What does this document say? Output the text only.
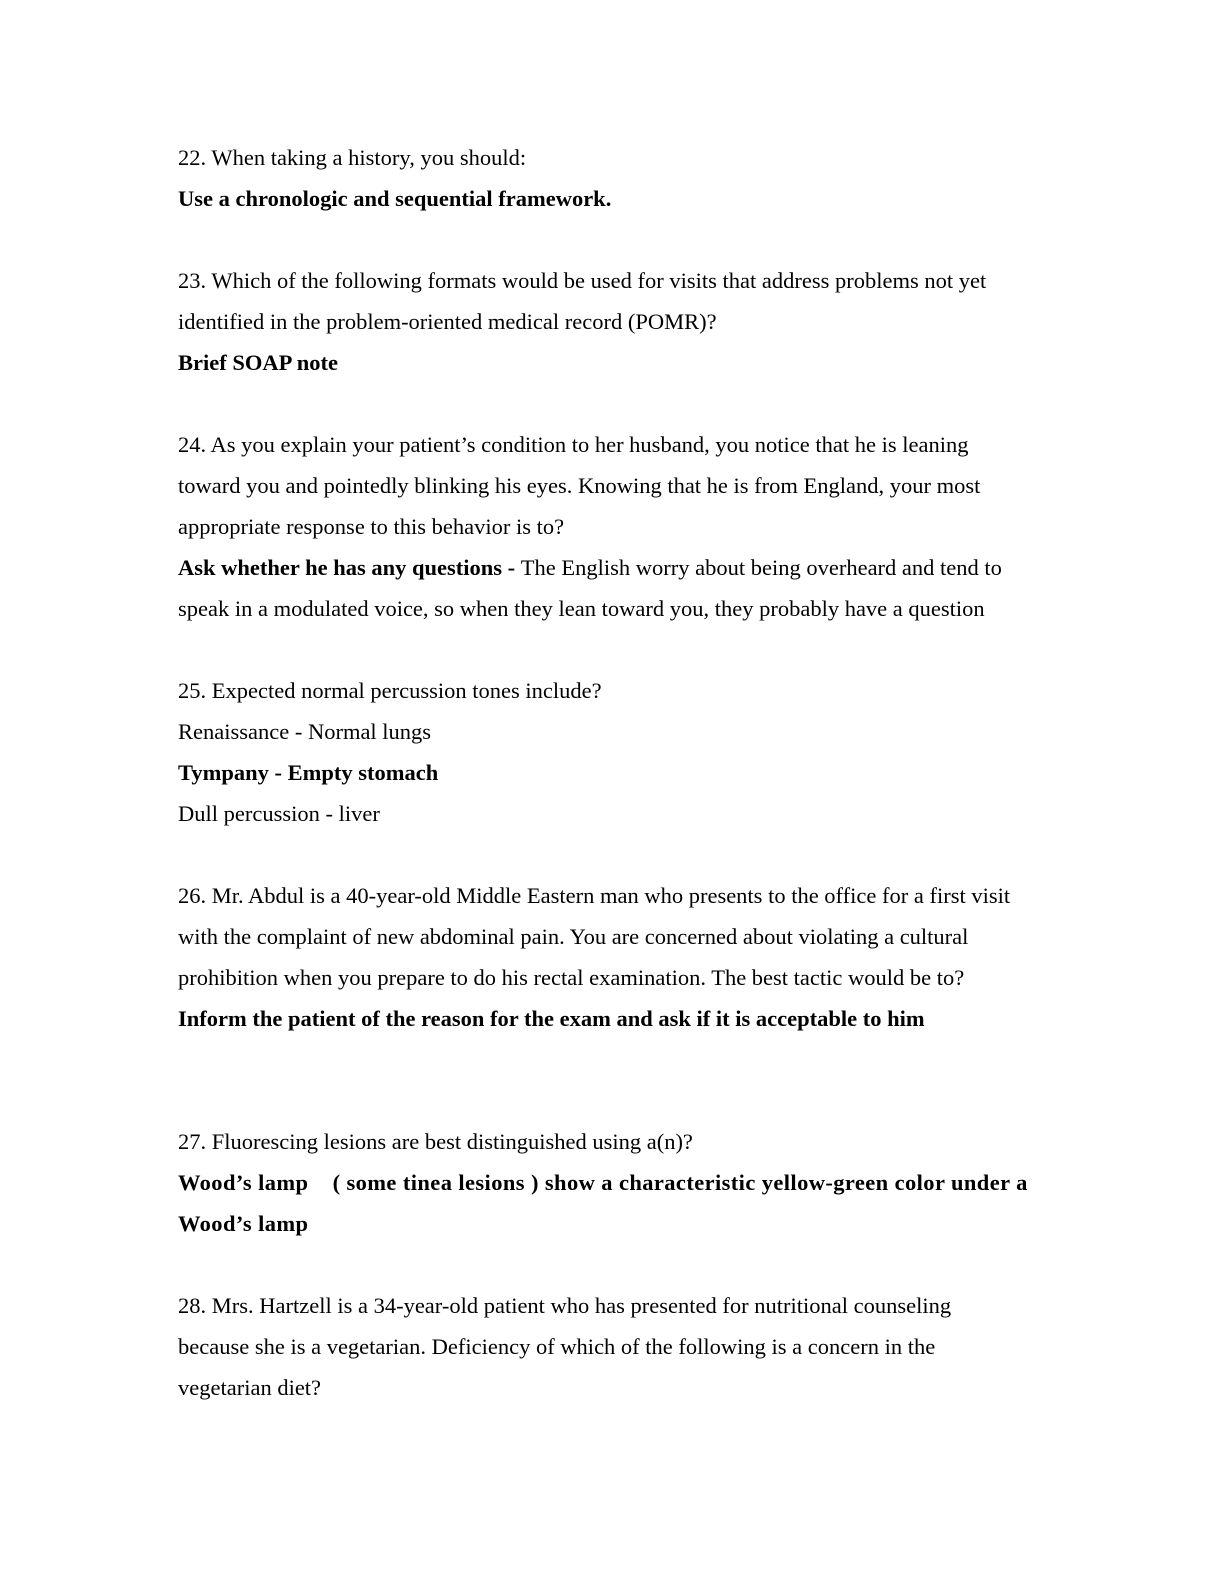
22. When taking a history, you should:
Use a chronologic and sequential framework.
23. Which of the following formats would be used for visits that address problems not yet
identified in the problem-oriented medical record (POMR)?
Brief SOAP note
24. As you explain your patient’s condition to her husband, you notice that he is leaning
toward you and pointedly blinking his eyes. Knowing that he is from England, your most
appropriate response to this behavior is to?
Ask whether he has any questions - The English worry about being overheard and tend to
speak in a modulated voice, so when they lean toward you, they probably have a question
25. Expected normal percussion tones include?
Renaissance - Normal lungs
Tympany - Empty stomach
Dull percussion - liver
26. Mr. Abdul is a 40-year-old Middle Eastern man who presents to the office for a first visit
with the complaint of new abdominal pain. You are concerned about violating a cultural
prohibition when you prepare to do his rectal examination. The best tactic would be to?
Inform the patient of the reason for the exam and ask if it is acceptable to him
27. Fluorescing lesions are best distinguished using a(n)?
Wood’s lamp    ( some tinea lesions ) show a characteristic yellow-green color under a
Wood’s lamp
28. Mrs. Hartzell is a 34-year-old patient who has presented for nutritional counseling
because she is a vegetarian. Deficiency of which of the following is a concern in the
vegetarian diet?
